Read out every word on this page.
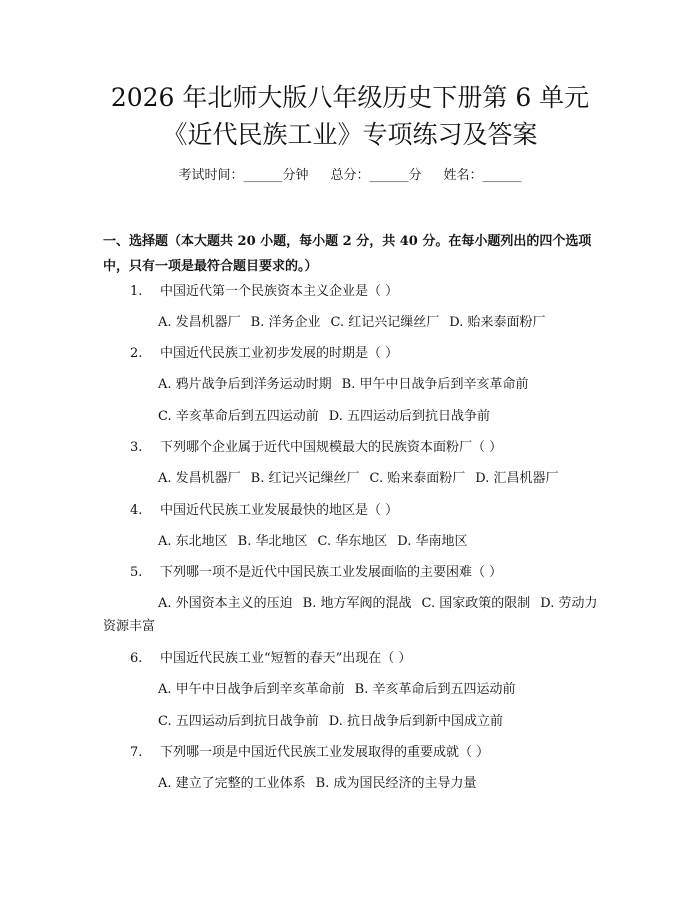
2026 年北师大版八年级历史下册第 6 单元
《近代民族工业》专项练习及答案
考试时间：______分钟 总分：______分 姓名：______
一、选择题（本大题共 20 小题，每小题 2 分，共 40 分。在每小题列出的四个选项中，只有一项是最符合题目要求的。）
1. 中国近代第一个民族资本主义企业是（ ）
A. 发昌机器厂 B. 洋务企业 C. 红记兴记缫丝厂 D. 贻来泰面粉厂
2. 中国近代民族工业初步发展的时期是（ ）
A. 鸦片战争后到洋务运动时期 B. 甲午中日战争后到辛亥革命前
C. 辛亥革命后到五四运动前 D. 五四运动后到抗日战争前
3. 下列哪个企业属于近代中国规模最大的民族资本面粉厂（ ）
A. 发昌机器厂 B. 红记兴记缫丝厂 C. 贻来泰面粉厂 D. 汇昌机器厂
4. 中国近代民族工业发展最快的地区是（ ）
A. 东北地区 B. 华北地区 C. 华东地区 D. 华南地区
5. 下列哪一项不是近代中国民族工业发展面临的主要困难（ ）
A. 外国资本主义的压迫 B. 地方军阀的混战 C. 国家政策的限制 D. 劳动力资源丰富
6. 中国近代民族工业“短暂的春天”出现在（ ）
A. 甲午中日战争后到辛亥革命前 B. 辛亥革命后到五四运动前
C. 五四运动后到抗日战争前 D. 抗日战争后到新中国成立前
7. 下列哪一项是中国近代民族工业发展取得的重要成就（ ）
A. 建立了完整的工业体系 B. 成为国民经济的主导力量
